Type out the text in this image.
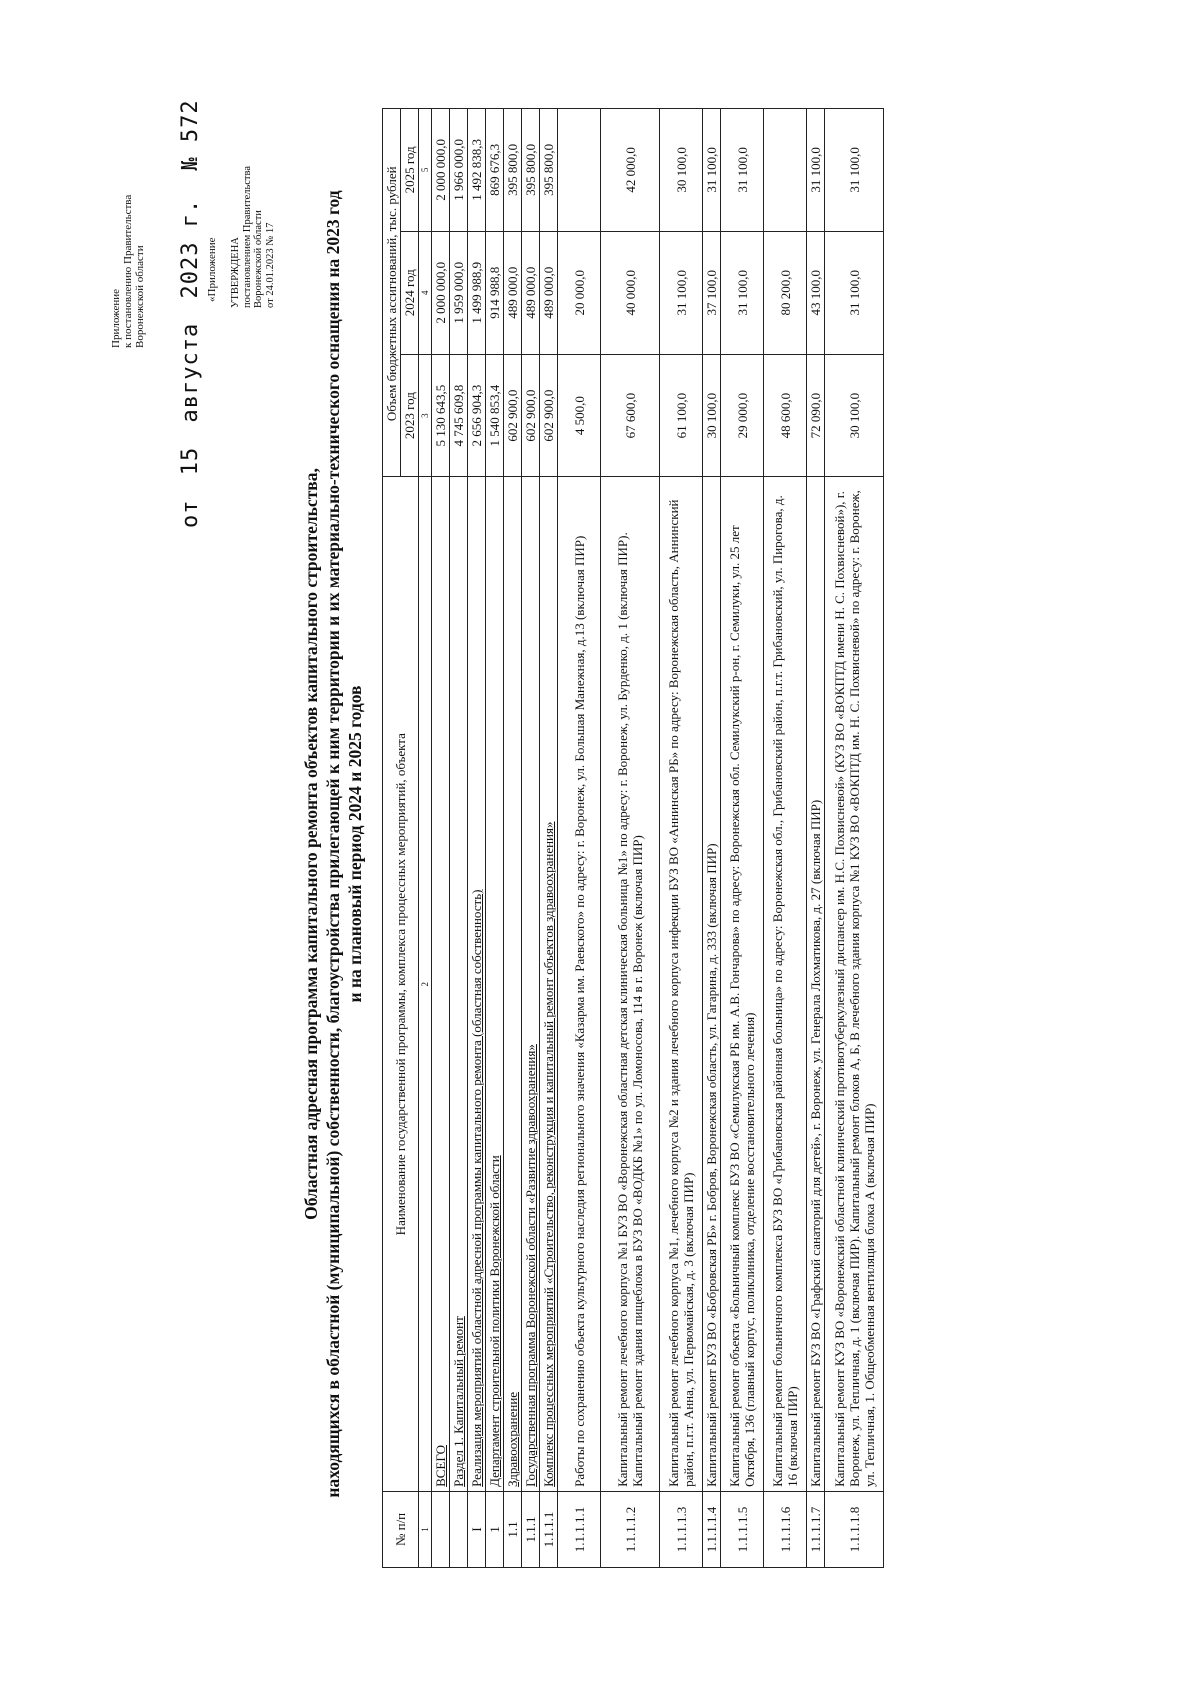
Приложение к постановлению Правительства Воронежской области
от 15 августа 2023 г. № 572
«Приложение УТВЕРЖДЕНА постановлением Правительства Воронежской области от 24.01.2023 № 17
Областная адресная программа капитального ремонта объектов капитального строительства, находящихся в областной (муниципальной) собственности, благоустройства прилегающей к ним территории и их материально-технического оснащения на 2023 год и на плановый период 2024 и 2025 годов
№ п/п	Наименование государственной программы, комплекса процессных мероприятий, объекта	Объем бюджетных ассигнований, тыс. рублей		
		2023 год	2024 год	2025 год
1	2	3	4	5
	ВСЕГО	5 130 643,5	2 000 000,0	2 000 000,0
	Раздел 1. Капитальный ремонт	4 745 609,8	1 959 000,0	1 966 000,0
I	Реализация мероприятий областной адресной программы капитального ремонта (областная собственность)	2 656 904,3	1 499 988,9	1 492 838,3
1	Департамент строительной политики Воронежской области	1 540 853,4	914 988,8	869 676,3
1.1	Здравоохранение	602 900,0	489 000,0	395 800,0
1.1.1	Государственная программа Воронежской области «Развитие здравоохранения»	602 900,0	489 000,0	395 800,0
1.1.1.1	Комплекс процессных мероприятий «Строительство, реконструкция и капитальный ремонт объектов здравоохранения»	602 900,0	489 000,0	395 800,0
1.1.1.1.1	Работы по сохранению объекта культурного наследия регионального значения «Казарма им. Раевского» по адресу: г. Воронеж, ул. Большая Манежная, д.13 (включая ПИР)	4 500,0	20 000,0	
1.1.1.1.2	Капитальный ремонт лечебного корпуса №1 БУЗ ВО «Воронежская областная детская клиническая больница №1» по адресу: г. Воронеж, ул. Бурденко, д. 1 (включая ПИР). Капитальный ремонт здания пищеблока в БУЗ ВО «ВОДКБ №1» по ул. Ломоносова, 114 в г. Воронеж (включая ПИР)	67 600,0	40 000,0	42 000,0
1.1.1.1.3	Капитальный ремонт лечебного корпуса №1, лечебного корпуса №2 и здания лечебного корпуса инфекции БУЗ ВО «Аннинская РБ» по адресу: Воронежская область, Аннинский район, п.г.т. Анна, ул. Первомайская, д. 3 (включая ПИР)	61 100,0	31 100,0	30 100,0
1.1.1.1.4	Капитальный ремонт БУЗ ВО «Бобровская РБ» г. Бобров, Воронежская область, ул. Гагарина, д. 333 (включая ПИР)	30 100,0	37 100,0	31 100,0
1.1.1.1.5	Капитальный ремонт объекта «Больничный комплекс БУЗ ВО «Семилукская РБ им. А.В. Гончарова» по адресу: Воронежская обл. Семилукский р-он, г. Семилуки, ул. 25 лет Октября, 136 (главный корпус, поликлиника, отделение восстановительного лечения)	29 000,0	31 100,0	31 100,0
1.1.1.1.6	Капитальный ремонт больничного комплекса БУЗ ВО «Грибановская районная больница» по адресу: Воронежская обл., Грибановский район, п.г.т. Грибановский, ул. Пирогова, д. 16 (включая ПИР)	48 600,0	80 200,0	
1.1.1.1.7	Капитальный ремонт БУЗ ВО «Графский санаторий для детей», г. Воронеж, ул. Генерала Лохматикова, д. 27 (включая ПИР)	72 090,0	43 100,0	31 100,0
1.1.1.1.8	Капитальный ремонт КУЗ ВО «Воронежский областной клинический противотуберкулезный диспансер им. Н.С. Похвисневой» (КУЗ ВО «ВОКПТД имени Н. С. Похвисневой»), г. Воронеж, ул. Тепличная, д. 1 (включая ПИР). Капитальный ремонт блоков А, Б, В лечебного здания корпуса №1 КУЗ ВО «ВОКПТД им. Н. С. Похвисневой» по адресу: г. Воронеж, ул. Тепличная, 1. Общеобменная вентиляция блока А (включая ПИР)	30 100,0	31 100,0	31 100,0
